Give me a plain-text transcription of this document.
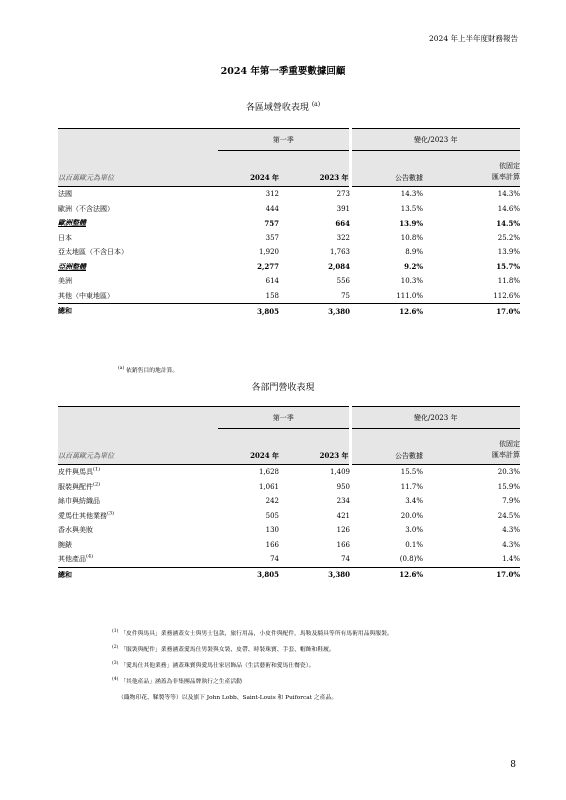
2024 年上半年度財務報告
2024 年第一季重要數據回顧
各區域營收表現 $^{(a)}$
	第一季		變化/2023 年	
以百萬歐元為單位	2024 年	2023 年	公告數據	依固定
匯率計算
法國	312	273	14.3%	14.3%
歐洲（不含法國）	444	391	13.5%	14.6%
歐洲整體	757	664	13.9%	14.5%
日本	357	322	10.8%	25.2%
亞太地區（不含日本）	1,920	1,763	8.9%	13.9%
亞洲整體	2,277	2,084	9.2%	15.7%
美洲	614	556	10.3%	11.8%
其他（中東地區）	158	75	111.0%	112.6%
總和	3,805	3,380	12.6%	17.0%
$^{(a)}$ 依銷售目的地計算。
各部門營收表現
	第一季		變化/2023 年	
以百萬歐元為單位	2024 年	2023 年	公告數據	依固定
匯率計算
皮件與馬具$^{(1)}$	1,628	1,409	15.5%	20.3%
服裝與配件$^{(2)}$	1,061	950	11.7%	15.9%
絲巾與紡織品	242	234	3.4%	7.9%
愛馬仕其他業務$^{(3)}$	505	421	20.0%	24.5%
香水與美妝	130	126	3.0%	4.3%
腕錶	166	166	0.1%	4.3%
其他產品$^{(4)}$	74	74	(0.8)%	1.4%
總和	3,805	3,380	12.6%	17.0%
$^{(1)}$ 「皮件與馬具」業務涵蓋女士與男士包款，旅行用品，小皮件與配件，馬鞍及騎具等所有馬術用品與服裝。
$^{(2)}$ 「服裝與配件」業務涵蓋愛馬仕男裝與女裝、皮帶、時裝珠寶、手套、帽飾和鞋履。
$^{(3)}$ 「愛馬仕其他業務」涵蓋珠寶與愛馬仕家居飾品（生活藝術和愛馬仕餐瓷）。
$^{(4)}$ 「其他產品」涵蓋為非集團品牌執行之生產活動
（織物印花、鞣製等等）以及旗下 John Lobb、Saint-Louis 和 Puiforcat 之產品。
8
